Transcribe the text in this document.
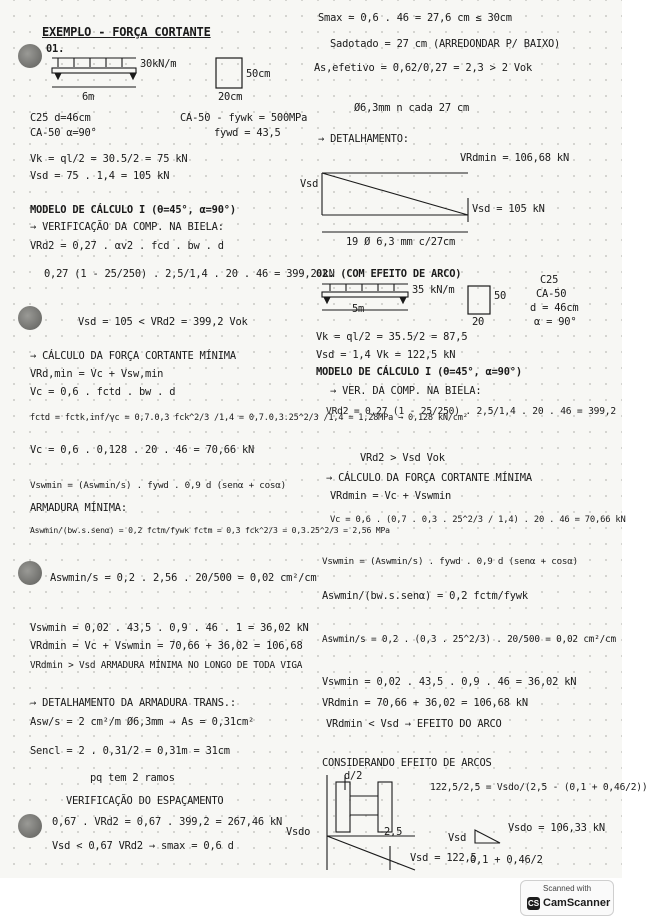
EXEMPLO - FORÇA CORTANTE
01.
30kN/m
50cm
6m	20cm
C25 d=46cm
CA-50 α=90°
CA-50 - fywk = 500MPa
fywd = 43,5
Vk = ql/2 = 30.5/2 = 75 kN
Vsd = 75 . 1,4 = 105 kN
MODELO DE CÁLCULO I (θ=45°, α=90°)
→ VERIFICAÇÃO DA COMP. NA BIELA:
VRd2 = 0,27 . αv2 . fcd . bw . d
0,27 (1 - 25/250) . 2,5/1,4 . 20 . 46 = 399,2 kN
Vsd = 105 < VRd2 = 399,2 Vok
→ CÁLCULO DA FORÇA CORTANTE MÍNIMA
VRd,min = Vc + Vsw,min
Vc = 0,6 . fctd . bw . d
fctd = fctk,inf/γc = 0,7.0,3 fck^2/3 /1,4 = 0,7.0,3.25^2/3 /1,4 = 1,28MPa → 0,128 kN/cm²
Vc = 0,6 . 0,128 . 20 . 46 = 70,66 kN
Vswmin = (Aswmin/s) . fywd . 0,9 d (senα + cosα)
ARMADURA MÍNIMA:
Aswmin/(bw.s.senα) = 0,2 fctm/fywk fctm = 0,3 fck^2/3 = 0,3.25^2/3 = 2,56 MPa
Aswmin/s = 0,2 . 2,56 . 20/500 = 0,02 cm²/cm
Vswmin = 0,02 . 43,5 . 0,9 . 46 . 1 = 36,02 kN
VRdmin = Vc + Vswmin = 70,66 + 36,02 = 106,68
VRdmin > Vsd ARMADURA MÍNIMA NO LONGO DE TODA VIGA
→ DETALHAMENTO DA ARMADURA TRANS.:
Asw/s = 2 cm²/m Ø6,3mm → As = 0,31cm²
Sencl = 2 . 0,31/2 = 0,31m = 31cm
pq tem 2 ramos
VERIFICAÇÃO DO ESPAÇAMENTO
0,67 . VRd2 = 0,67 . 399,2 = 267,46 kN
Vsd < 0,67 VRd2 → smax = 0,6 d
Smax = 0,6 . 46 = 27,6 cm ≤ 30cm
Sadotado = 27 cm (ARREDONDAR P/ BAIXO)
As,efetivo = 0,62/0,27 = 2,3 > 2 Vok
Ø6,3mm n cada 27 cm
→ DETALHAMENTO:
VRdmin = 106,68 kN
Vsd
Vsd = 105 kN
19 Ø 6,3 mm c/27cm
02. (COM EFEITO DE ARCO)
35 kN/m	50
5m
20
C25
CA-50
d = 46cm
α = 90°
Vk = ql/2 = 35.5/2 = 87,5
Vsd = 1,4 Vk = 122,5 kN
MODELO DE CÁLCULO I (θ=45°, α=90°)
→ VER. DA COMP. NA BIELA:
VRd2 = 0,27 (1 - 25/250) . 2,5/1,4 . 20 . 46 = 399,2
VRd2 > Vsd Vok
→ CÁLCULO DA FORÇA CORTANTE MÍNIMA
VRdmin = Vc + Vswmin
Vc = 0,6 . (0,7 . 0,3 . 25^2/3 / 1,4) . 20 . 46 = 70,66 kN
Vswmin = (Aswmin/s) . fywd . 0,9 d (senα + cosα)
Aswmin/(bw.s.senα) = 0,2 fctm/fywk
Aswmin/s = 0,2 . (0,3 . 25^2/3) . 20/500 = 0,02 cm²/cm
Vswmin = 0,02 . 43,5 . 0,9 . 46 = 36,02 kN
VRdmin = 70,66 + 36,02 = 106,68 kN
VRdmin < Vsd → EFEITO DO ARCO
CONSIDERANDO EFEITO DE ARCOS
d/2
122,5/2,5 = Vsdo/(2,5 - (0,1 + 0,46/2))
Vsdo = 106,33 kN
Vsdo	2,5	Vsd
Vsd = 122,5
0,1 + 0,46/2
Scanned with
CS CamScanner
